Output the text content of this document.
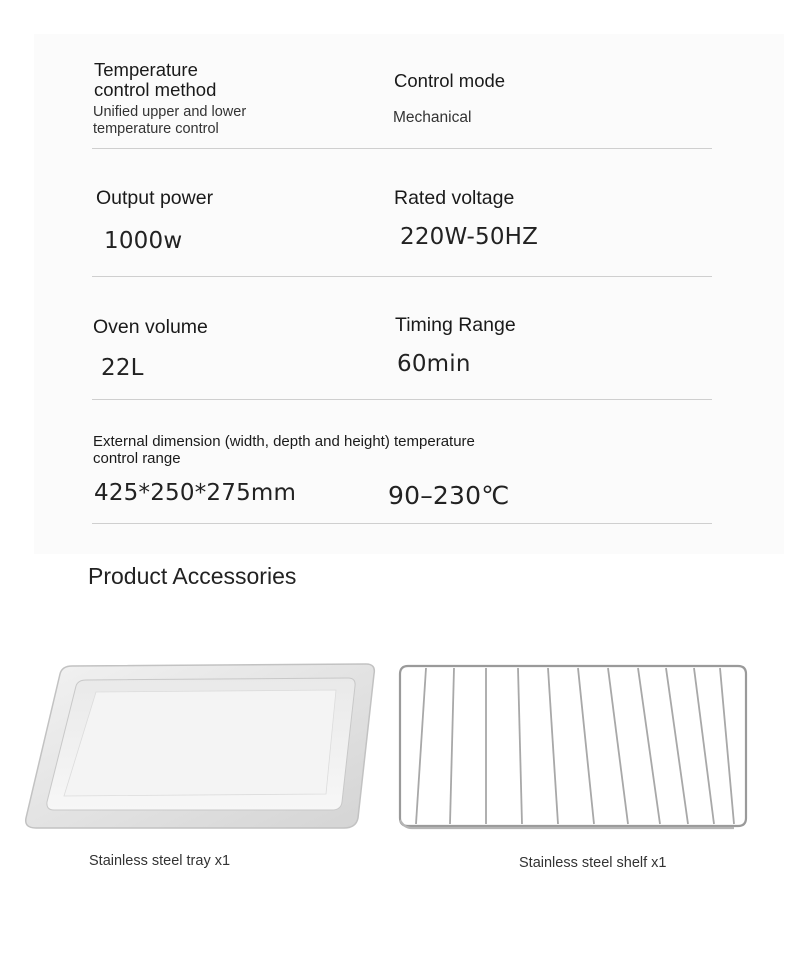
Temperature
control method
Unified upper and lower
temperature control
Control mode
Mechanical
Output power
1000w
Rated voltage
220W-50HZ
Oven volume
22L
Timing Range
60min
External dimension (width, depth and height) temperature
control range
425*250*275mm	90–230℃
Product Accessories
Stainless steel tray x1	Stainless steel shelf x1
